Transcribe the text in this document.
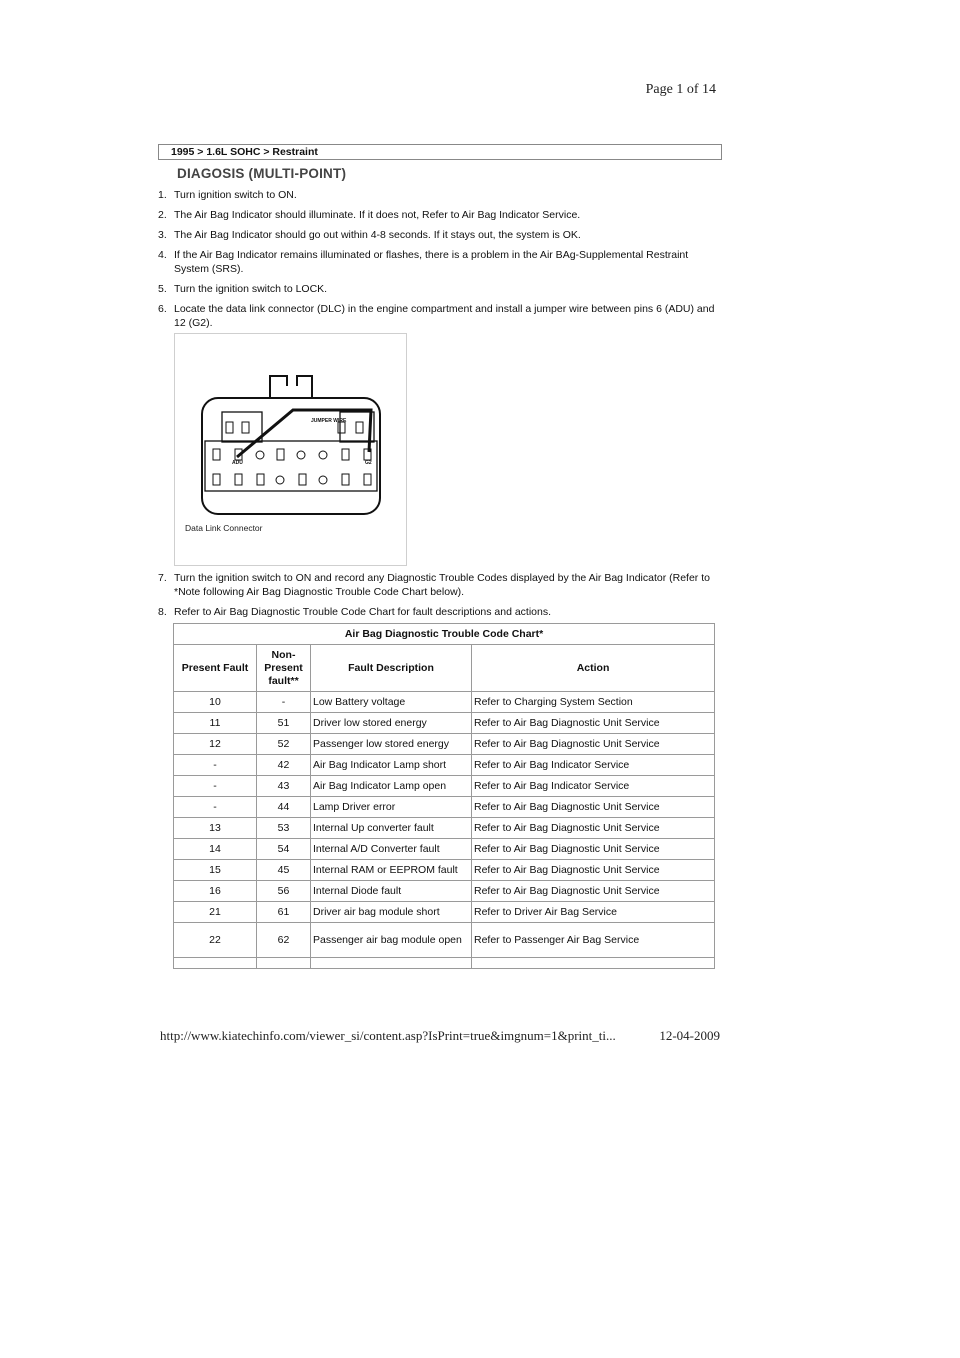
Page 1 of 14
1995 > 1.6L SOHC > Restraint
DIAGOSIS (MULTI-POINT)
1. Turn ignition switch to ON.
2. The Air Bag Indicator should illuminate. If it does not, Refer to Air Bag Indicator Service.
3. The Air Bag Indicator should go out within 4-8 seconds. If it stays out, the system is OK.
4. If the Air Bag Indicator remains illuminated or flashes, there is a problem in the Air BAg-Supplemental Restraint System (SRS).
5. Turn the ignition switch to LOCK.
6. Locate the data link connector (DLC) in the engine compartment and install a jumper wire between pins 6 (ADU) and 12 (G2).
JUMPER WIRE
ADU	G2
Data Link Connector
7. Turn the ignition switch to ON and record any Diagnostic Trouble Codes displayed by the Air Bag Indicator (Refer to *Note following Air Bag Diagnostic Trouble Code Chart below).
8. Refer to Air Bag Diagnostic Trouble Code Chart for fault descriptions and actions.
Air Bag Diagnostic Trouble Code Chart*			
Present Fault	Non-
Present
fault**	Fault Description	Action
10	-	Low Battery voltage	Refer to Charging System Section
11	51	Driver low stored energy	Refer to Air Bag Diagnostic Unit Service
12	52	Passenger low stored energy	Refer to Air Bag Diagnostic Unit Service
-	42	Air Bag Indicator Lamp short	Refer to Air Bag Indicator Service
-	43	Air Bag Indicator Lamp open	Refer to Air Bag Indicator Service
-	44	Lamp Driver error	Refer to Air Bag Diagnostic Unit Service
13	53	Internal Up converter fault	Refer to Air Bag Diagnostic Unit Service
14	54	Internal A/D Converter fault	Refer to Air Bag Diagnostic Unit Service
15	45	Internal RAM or EEPROM fault	Refer to Air Bag Diagnostic Unit Service
16	56	Internal Diode fault	Refer to Air Bag Diagnostic Unit Service
21	61	Driver air bag module short	Refer to Driver Air Bag Service
22	62	Passenger air bag module open	Refer to Passenger Air Bag Service

http://www.kiatechinfo.com/viewer_si/content.asp?IsPrint=true&imgnum=1&print_ti...	12-04-2009
